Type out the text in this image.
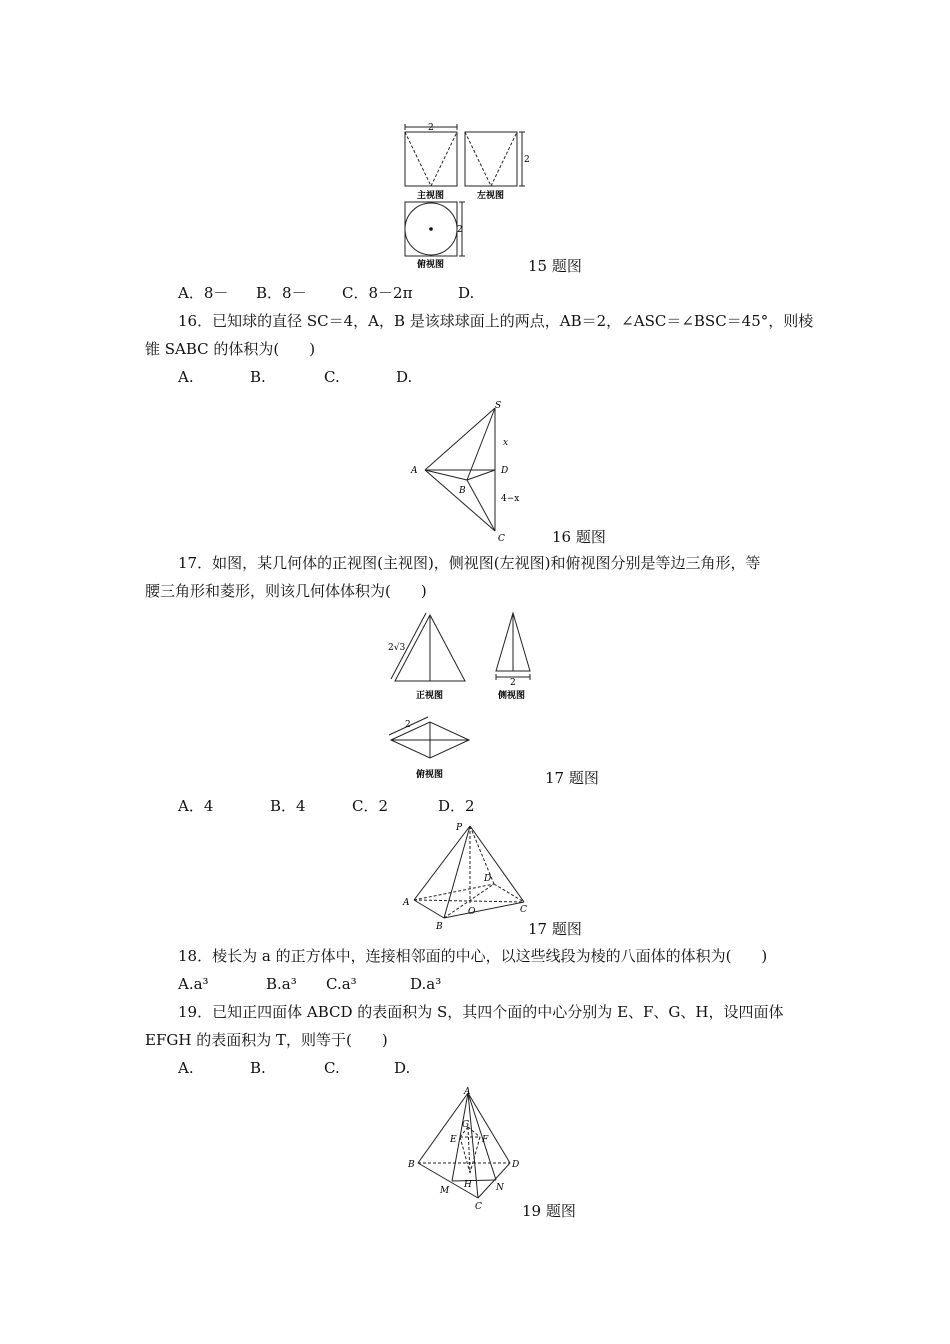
2
2
2
主视图	左视图
俯视图	15 题图
A．8－ B．8－ C．8－2π	D.
16．已知球的直径 SC＝4，A，B 是该球球面上的两点，AB＝2，∠ASC＝∠BSC＝45°，则棱
锥 SABC 的体积为(　　)
A.	B.	C.	D.
S
A
B
C
D
x
4−x
16 题图
17．如图，某几何体的正视图(主视图)，侧视图(左视图)和俯视图分别是等边三角形，等
腰三角形和菱形，则该几何体体积为(　　)
2√3
2
2
正视图	侧视图
俯视图	17 题图
A．4	B．4	C．2	D．2
P
A
B
C
D
O
17 题图
18．棱长为 a 的正方体中，连接相邻面的中心，以这些线段为棱的八面体的体积为(　　)
A.a³	B.a³ C.a³	D.a³
19．已知正四面体 ABCD 的表面积为 S，其四个面的中心分别为 E、F、G、H，设四面体
EFGH 的表面积为 T，则等于(　　)
A.	B.	C.	D.
A
B
C
D
E	F
G
H
M	N
19 题图
